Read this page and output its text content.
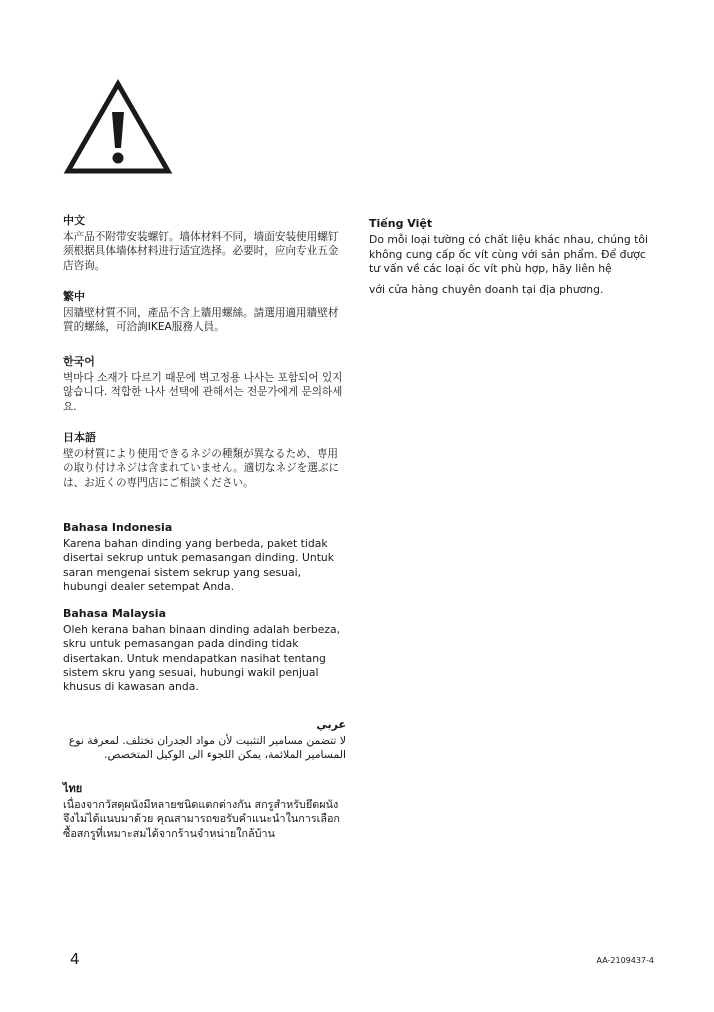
中文
本产品不附带安装螺钉。墙体材料不同，墙面安装使用螺钉须根据具体墙体材料进行适宜选择。必要时，应向专业五金店咨询。
繁中
因牆壁材質不同，產品不含上牆用螺絲。請選用適用牆壁材質的螺絲，可洽詢IKEA服務人員。
한국어
벽마다 소재가 다르기 때문에 벽고정용 나사는 포함되어 있지 않습니다. 적합한 나사 선택에 관해서는 전문가에게 문의하세요.
日本語
壁の材質により使用できるネジの種類が異なるため、専用の取り付けネジは含まれていません。適切なネジを選ぶには、お近くの専門店にご相談ください。
Bahasa Indonesia
Karena bahan dinding yang berbeda, paket tidak disertai sekrup untuk pemasangan dinding. Untuk saran mengenai sistem sekrup yang sesuai, hubungi dealer setempat Anda.
Bahasa Malaysia
Oleh kerana bahan binaan dinding adalah berbeza, skru untuk pemasangan pada dinding tidak disertakan. Untuk mendapatkan nasihat tentang sistem skru yang sesuai, hubungi wakil penjual khusus di kawasan anda.
عربي
لا تتضمن مسامير التثبيت لأن مواد الجدران تختلف. لمعرفة نوع المسامير الملائمة، يمكن اللجوء الى الوكيل المتخصص.
ไทย
เนื่องจากวัสดุผนังมีหลายชนิดแตกต่างกัน สกรูสำหรับยึดผนังจึงไม่ได้แนบมาด้วย คุณสามารถขอรับคำแนะนำในการเลือกซื้อสกรูที่เหมาะสมได้จากร้านจำหน่ายใกล้บ้าน
Tiếng Việt
Do mỗi loại tường có chất liệu khác nhau, chúng tôi không cung cấp ốc vít cùng với sản phẩm. Để được tư vấn về các loại ốc vít phù hợp, hãy liên hệ
với cửa hàng chuyên doanh tại địa phương.
4	AA-2109437-4
